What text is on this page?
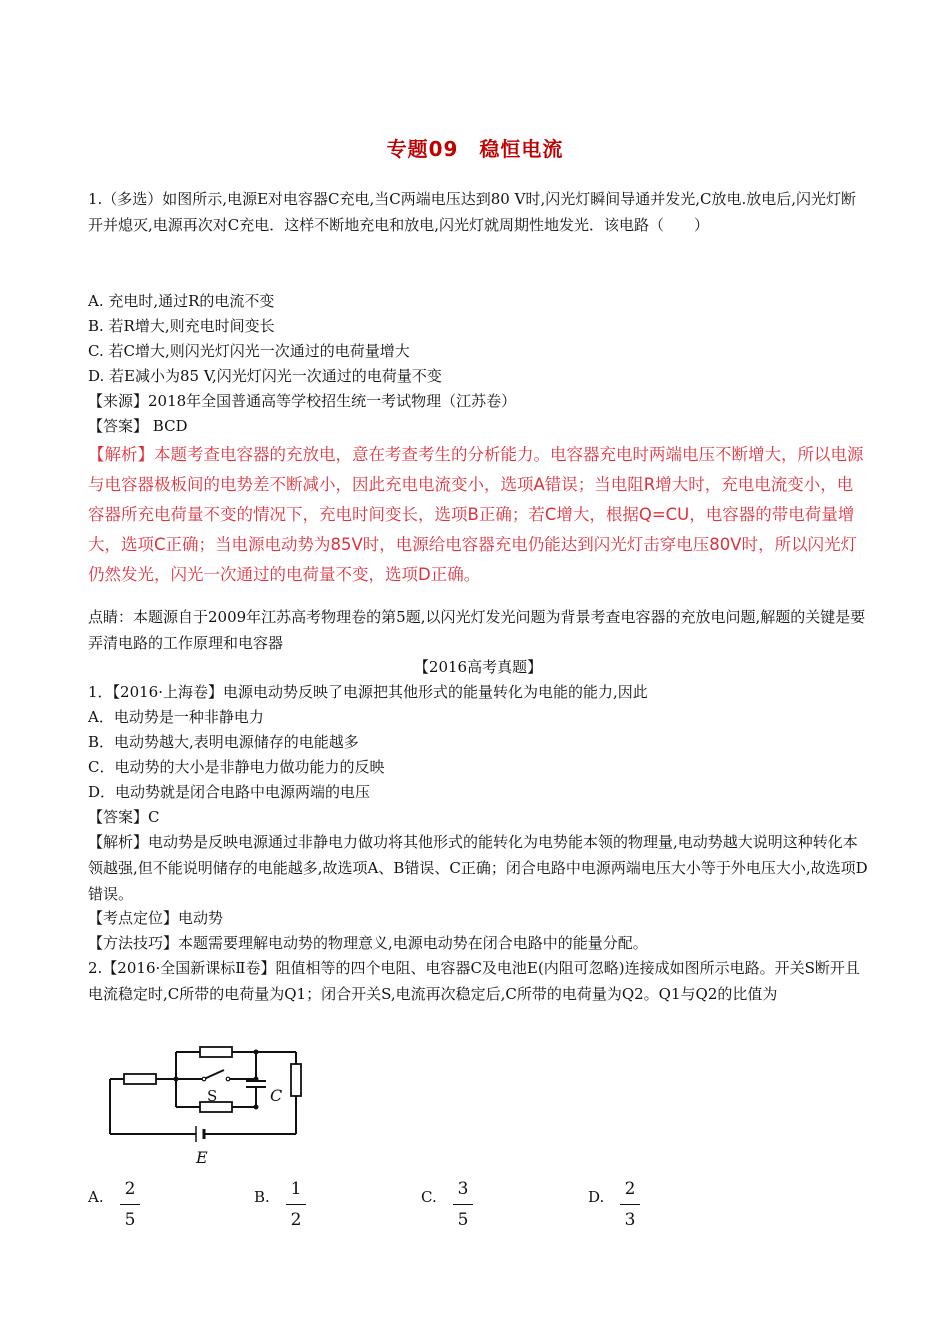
专题09　稳恒电流
1.（多选）如图所示,电源E对电容器C充电,当C两端电压达到80 V时,闪光灯瞬间导通并发光,C放电.放电后,闪光灯断开并熄灭,电源再次对C充电．这样不断地充电和放电,闪光灯就周期性地发光．该电路（　　）
A. 充电时,通过R的电流不变
B. 若R增大,则充电时间变长
C. 若C增大,则闪光灯闪光一次通过的电荷量增大
D. 若E减小为85 V,闪光灯闪光一次通过的电荷量不变
【来源】2018年全国普通高等学校招生统一考试物理（江苏卷）
【答案】 BCD
【解析】本题考查电容器的充放电，意在考查考生的分析能力。电容器充电时两端电压不断增大，所以电源与电容器极板间的电势差不断减小，因此充电电流变小，选项A错误；当电阻R增大时，充电电流变小，电容器所充电荷量不变的情况下，充电时间变长，选项B正确；若C增大，根据Q=CU，电容器的带电荷量增大，选项C正确；当电源电动势为85V时，电源给电容器充电仍能达到闪光灯击穿电压80V时，所以闪光灯仍然发光，闪光一次通过的电荷量不变，选项D正确。
点睛：本题源自于2009年江苏高考物理卷的第5题,以闪光灯发光问题为背景考查电容器的充放电问题,解题的关键是要弄清电路的工作原理和电容器
【2016高考真题】
1．【2016·上海卷】电源电动势反映了电源把其他形式的能量转化为电能的能力,因此
A．电动势是一种非静电力
B．电动势越大,表明电源储存的电能越多
C．电动势的大小是非静电力做功能力的反映
D．电动势就是闭合电路中电源两端的电压
【答案】C
【解析】电动势是反映电源通过非静电力做功将其他形式的能转化为电势能本领的物理量,电动势越大说明这种转化本领越强,但不能说明储存的电能越多,故选项A、B错误、C正确；闭合电路中电源两端电压大小等于外电压大小,故选项D错误。
【考点定位】电动势
【方法技巧】本题需要理解电动势的物理意义,电源电动势在闭合电路中的能量分配。
2.【2016·全国新课标Ⅱ卷】阻值相等的四个电阻、电容器C及电池E(内阻可忽略)连接成如图所示电路。开关S断开且电流稳定时,C所带的电荷量为Q1；闭合开关S,电流再次稳定后,C所带的电荷量为Q2。Q1与Q2的比值为
S	C
E
A. 2
5
B. 1
2
C. 3
5
D. 2
3
